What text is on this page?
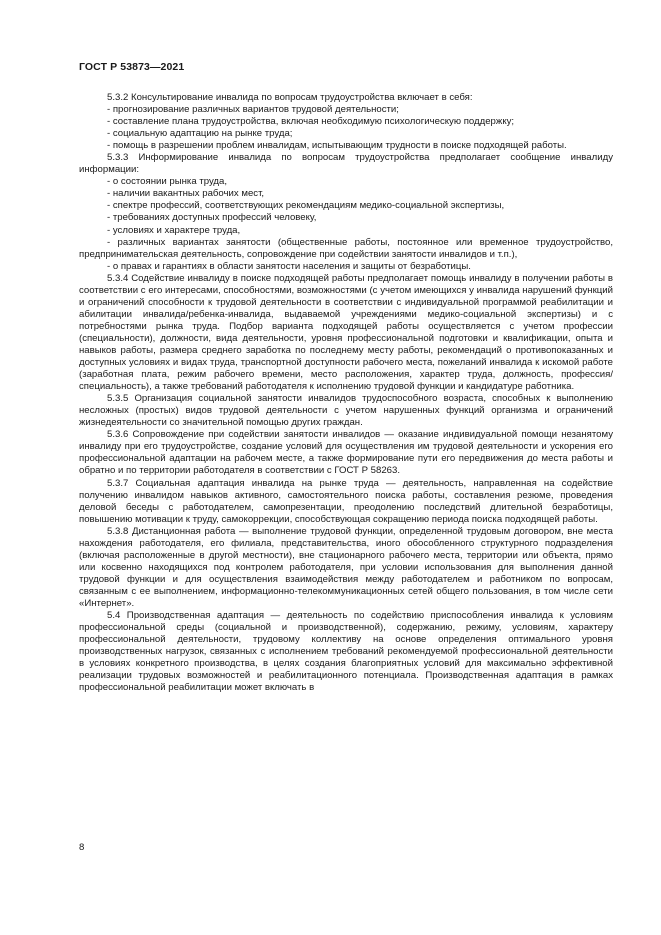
ГОСТ Р 53873—2021

5.3.2 Консультирование инвалида по вопросам трудоустройства включает в себя:

- прогнозирование различных вариантов трудовой деятельности;

- составление плана трудоустройства, включая необходимую психологическую поддержку;

- социальную адаптацию на рынке труда;

- помощь в разрешении проблем инвалидам, испытывающим трудности в поиске подходящей работы.

5.3.3 Информирование инвалида по вопросам трудоустройства предполагает сообщение инвалиду информации:

- о состоянии рынка труда,

- наличии вакантных рабочих мест,

- спектре профессий, соответствующих рекомендациям медико-социальной экспертизы,

- требованиях доступных профессий человеку,

- условиях и характере труда,

- различных вариантах занятости (общественные работы, постоянное или временное трудоустройство, предпринимательская деятельность, сопровождение при содействии занятости инвалидов и т.п.),

- о правах и гарантиях в области занятости населения и защиты от безработицы.

5.3.4 Содействие инвалиду в поиске подходящей работы предполагает помощь инвалиду в получении работы в соответствии с его интересами, способностями, возможностями (с учетом имеющихся у инвалида нарушений функций и ограничений способности к трудовой деятельности в соответствии с индивидуальной программой реабилитации и абилитации инвалида/ребенка-инвалида, выдаваемой учреждениями медико-социальной экспертизы) и с потребностями рынка труда. Подбор варианта подходящей работы осуществляется с учетом профессии (специальности), должности, вида деятельности, уровня профессиональной подготовки и квалификации, опыта и навыков работы, размера среднего заработка по последнему месту работы, рекомендаций о противопоказанных и доступных условиях и видах труда, транспортной доступности рабочего места, пожеланий инвалида к искомой работе (заработная плата, режим рабочего времени, место расположения, характер труда, должность, профессия/специальность), а также требований работодателя к исполнению трудовой функции и кандидатуре работника.

5.3.5 Организация социальной занятости инвалидов трудоспособного возраста, способных к выполнению несложных (простых) видов трудовой деятельности с учетом нарушенных функций организма и ограничений жизнедеятельности со значительной помощью других граждан.

5.3.6 Сопровождение при содействии занятости инвалидов — оказание индивидуальной помощи незанятому инвалиду при его трудоустройстве, создание условий для осуществления им трудовой деятельности и ускорения его профессиональной адаптации на рабочем месте, а также формирование пути его передвижения до места работы и обратно и по территории работодателя в соответствии с ГОСТ Р 58263.

5.3.7 Социальная адаптация инвалида на рынке труда — деятельность, направленная на содействие получению инвалидом навыков активного, самостоятельного поиска работы, составления резюме, проведения деловой беседы с работодателем, самопрезентации, преодолению последствий длительной безработицы, повышению мотивации к труду, самокоррекции, способствующая сокращению периода поиска подходящей работы.

5.3.8 Дистанционная работа — выполнение трудовой функции, определенной трудовым договором, вне места нахождения работодателя, его филиала, представительства, иного обособленного структурного подразделения (включая расположенные в другой местности), вне стационарного рабочего места, территории или объекта, прямо или косвенно находящихся под контролем работодателя, при условии использования для выполнения данной трудовой функции и для осуществления взаимодействия между работодателем и работником по вопросам, связанным с ее выполнением, информационно-телекоммуникационных сетей общего пользования, в том числе сети «Интернет».

5.4 Производственная адаптация — деятельность по содействию приспособления инвалида к условиям профессиональной среды (социальной и производственной), содержанию, режиму, условиям, характеру профессиональной деятельности, трудовому коллективу на основе определения оптимального уровня производственных нагрузок, связанных с исполнением требований рекомендуемой профессиональной деятельности в условиях конкретного производства, в целях создания благоприятных условий для максимально эффективной реализации трудовых возможностей и реабилитационного потенциала. Производственная адаптация в рамках профессиональной реабилитации может включать в

8
